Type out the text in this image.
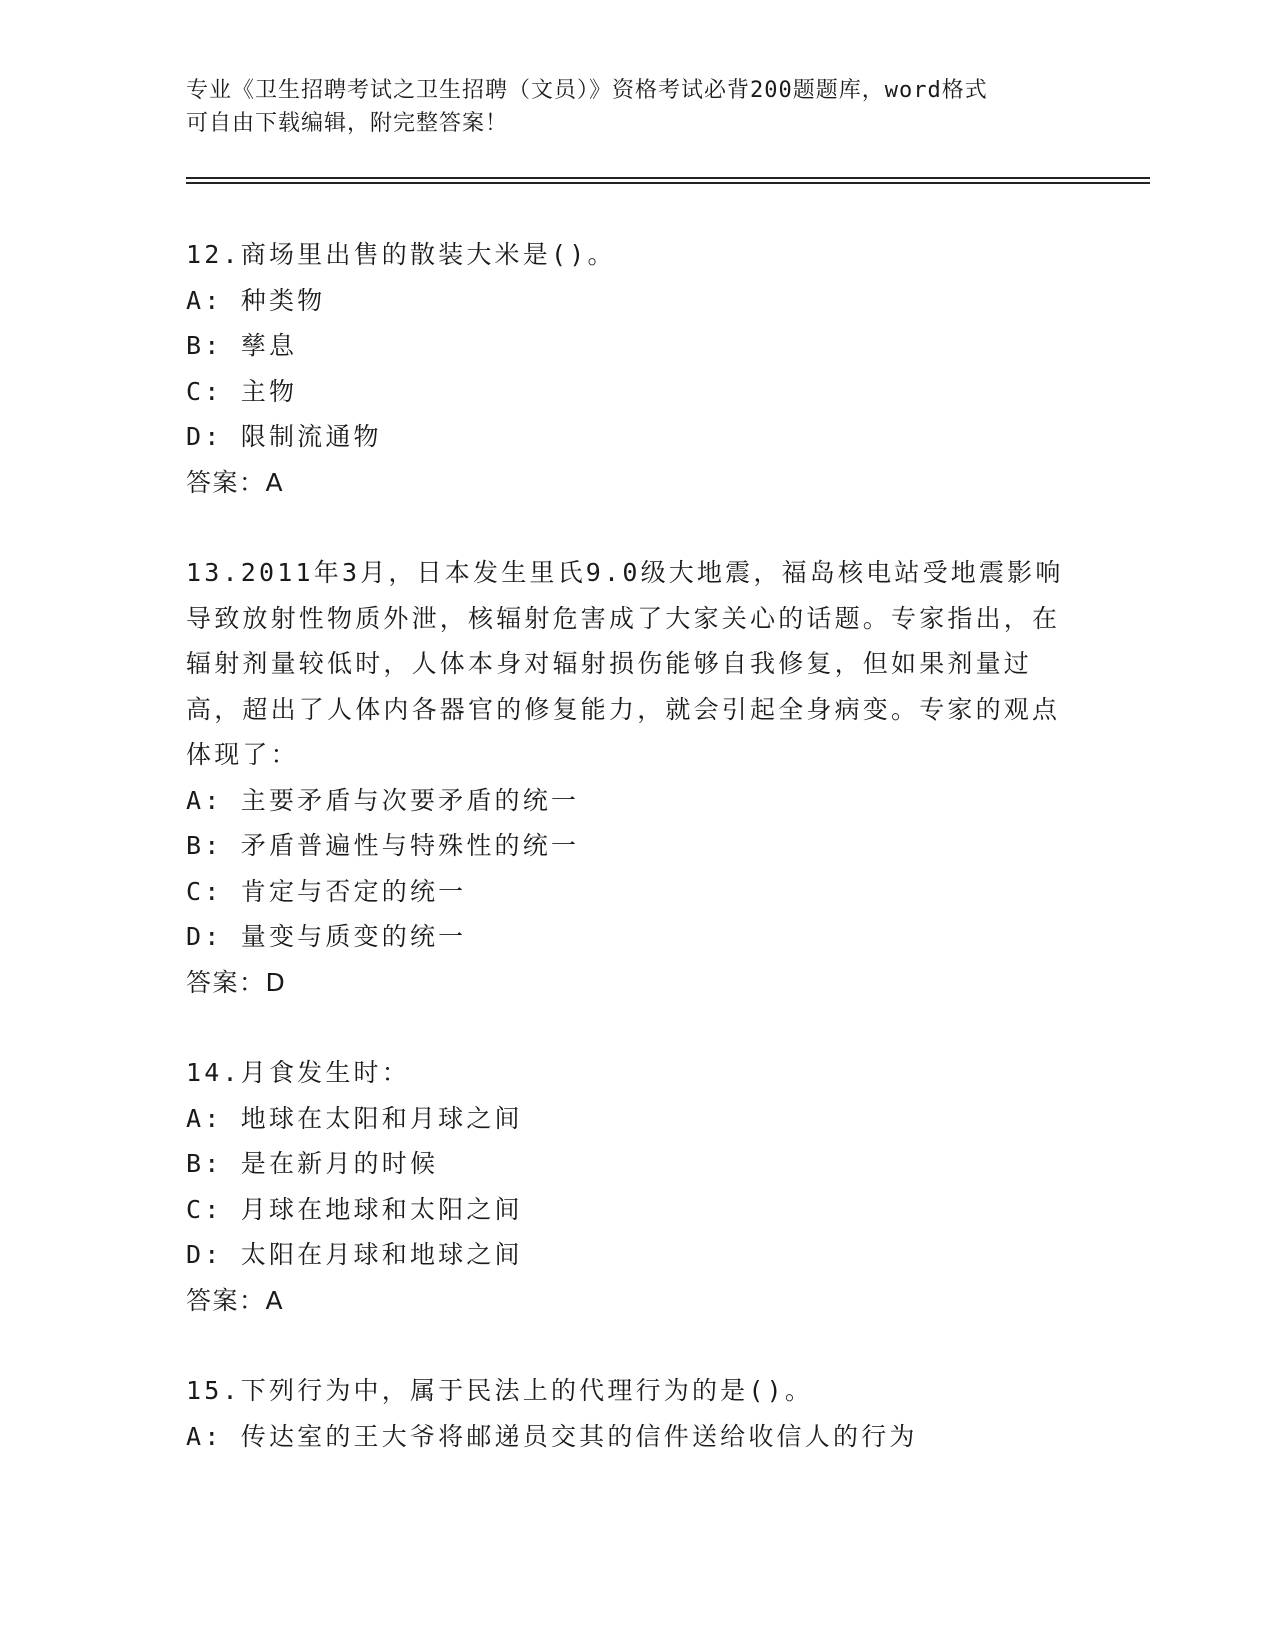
专业《卫生招聘考试之卫生招聘（文员）》资格考试必背200题题库，word格式
可自由下载编辑，附完整答案！
12.商场里出售的散装大米是()。
A: 种类物
B: 孳息
C: 主物
D: 限制流通物
答案：A
13.2011年3月，日本发生里氏9.0级大地震，福岛核电站受地震影响导致放射性物质外泄，核辐射危害成了大家关心的话题。专家指出，在辐射剂量较低时，人体本身对辐射损伤能够自我修复，但如果剂量过高，超出了人体内各器官的修复能力，就会引起全身病变。专家的观点体现了：
A: 主要矛盾与次要矛盾的统一
B: 矛盾普遍性与特殊性的统一
C: 肯定与否定的统一
D: 量变与质变的统一
答案：D
14.月食发生时：
A: 地球在太阳和月球之间
B: 是在新月的时候
C: 月球在地球和太阳之间
D: 太阳在月球和地球之间
答案：A
15.下列行为中，属于民法上的代理行为的是()。
A: 传达室的王大爷将邮递员交其的信件送给收信人的行为
